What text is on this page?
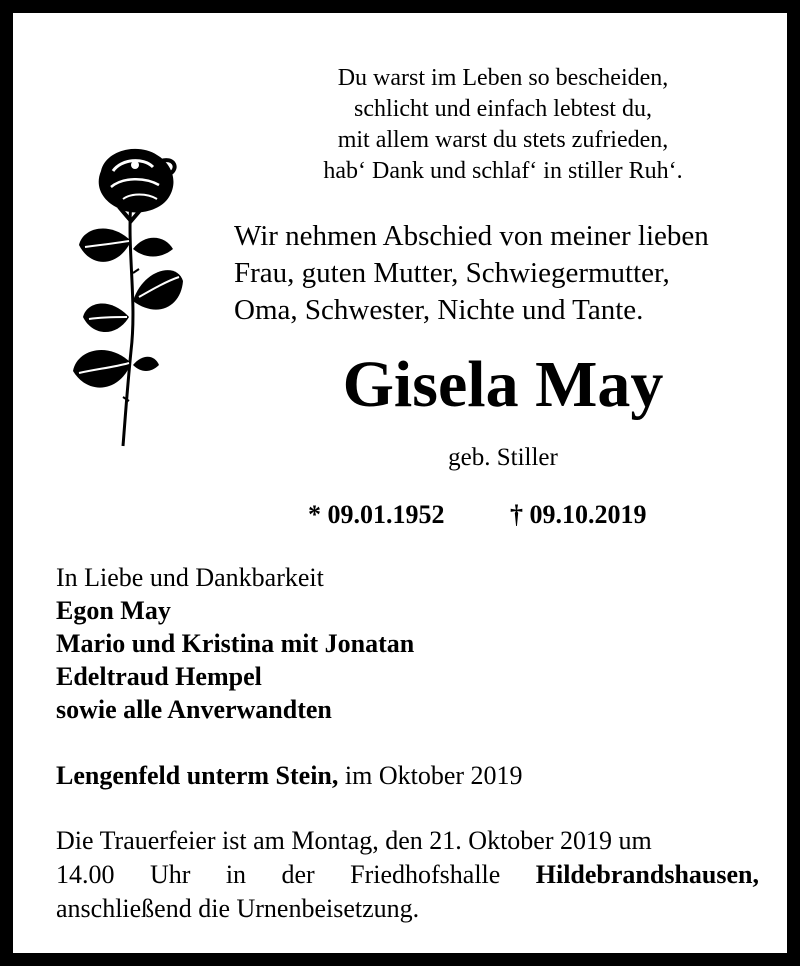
Du warst im Leben so bescheiden,
schlicht und einfach lebtest du,
mit allem warst du stets zufrieden,
hab‘ Dank und schlaf‘ in stiller Ruh‘.
Wir nehmen Abschied von meiner lieben
Frau, guten Mutter, Schwiegermutter,
Oma, Schwester, Nichte und Tante.
Gisela May
geb. Stiller
* 09.01.1952	† 09.10.2019
In Liebe und Dankbarkeit
Egon May
Mario und Kristina mit Jonatan
Edeltraud Hempel
sowie alle Anverwandten
Lengenfeld unterm Stein, im Oktober 2019
Die Trauerfeier ist am Montag, den 21. Oktober 2019 um
14.00 Uhr in der Friedhofshalle Hildebrandshausen,
anschließend die Urnenbeisetzung.
